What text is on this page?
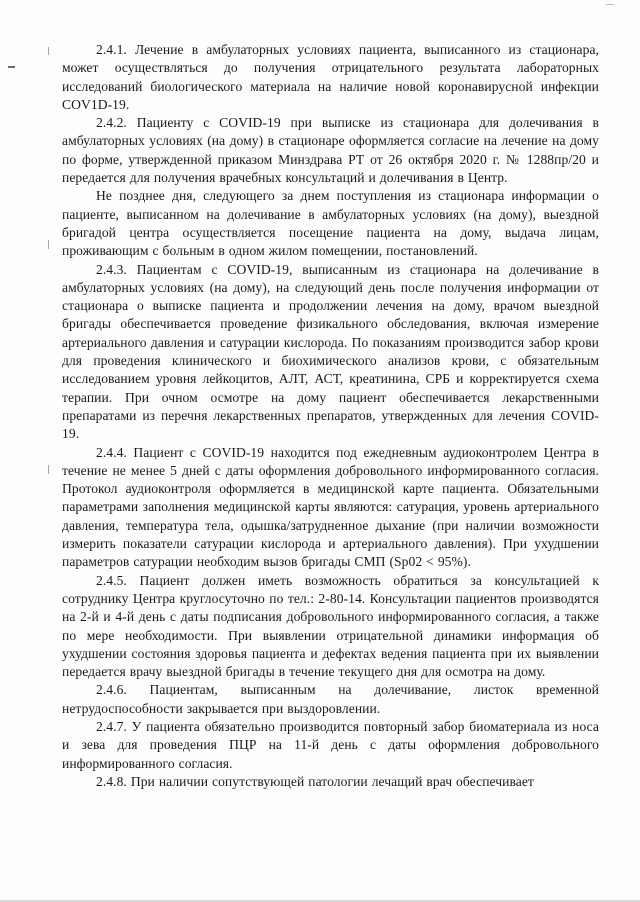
2.4.1. Лечение в амбулаторных условиях пациента, выписанного из стационара, может осуществляться до получения отрицательного результата лабораторных исследований биологического материала на наличие новой коронавирусной инфекции COV1D-19.

2.4.2. Пациенту с COVID-19 при выписке из стационара для долечивания в амбулаторных условиях (на дому) в стационаре оформляется согласие на лечение на дому по форме, утвержденной приказом Минздрава РТ от 26 октября 2020 г. № 1288пр/20 и передается для получения врачебных консультаций и долечивания в Центр.

Не позднее дня, следующего за днем поступления из стационара информации о пациенте, выписанном на долечивание в амбулаторных условиях (на дому), выездной бригадой центра осуществляется посещение пациента на дому, выдача лицам, проживающим с больным в одном жилом помещении, постановлений.

2.4.3. Пациентам с COVID-19, выписанным из стационара на долечивание в амбулаторных условиях (на дому), на следующий день после получения информации от стационара о выписке пациента и продолжении лечения на дому, врачом выездной бригады обеспечивается проведение физикального обследования, включая измерение артериального давления и сатурации кислорода. По показаниям производится забор крови для проведения клинического и биохимического анализов крови, с обязательным исследованием уровня лейкоцитов, АЛТ, АСТ, креатинина, СРБ и корректируется схема терапии. При очном осмотре на дому пациент обеспечивается лекарственными препаратами из перечня лекарственных препаратов, утвержденных для лечения COVID-19.

2.4.4. Пациент с COVID-19 находится под ежедневным аудиоконтролем Центра в течение не менее 5 дней с даты оформления добровольного информированного согласия. Протокол аудиоконтроля оформляется в медицинской карте пациента. Обязательными параметрами заполнения медицинской карты являются: сатурация, уровень артериального давления, температура тела, одышка/затрудненное дыхание (при наличии возможности измерить показатели сатурации кислорода и артериального давления). При ухудшении параметров сатурации необходим вызов бригады СМП (Sp02 < 95%).

2.4.5. Пациент должен иметь возможность обратиться за консультацией к сотруднику Центра круглосуточно по тел.: 2-80-14. Консультации пациентов производятся на 2-й и 4-й день с даты подписания добровольного информированного согласия, а также по мере необходимости. При выявлении отрицательной динамики информация об ухудшении состояния здоровья пациента и дефектах ведения пациента при их выявлении передается врачу выездной бригады в течение текущего дня для осмотра на дому.

2.4.6. Пациентам, выписанным на долечивание, листок временной нетрудоспособности закрывается при выздоровлении.

2.4.7. У пациента обязательно производится повторный забор биоматериала из носа и зева для проведения ПЦР на 11-й день с даты оформления добровольного информированного согласия.

2.4.8. При наличии сопутствующей патологии лечащий врач обеспечивает
